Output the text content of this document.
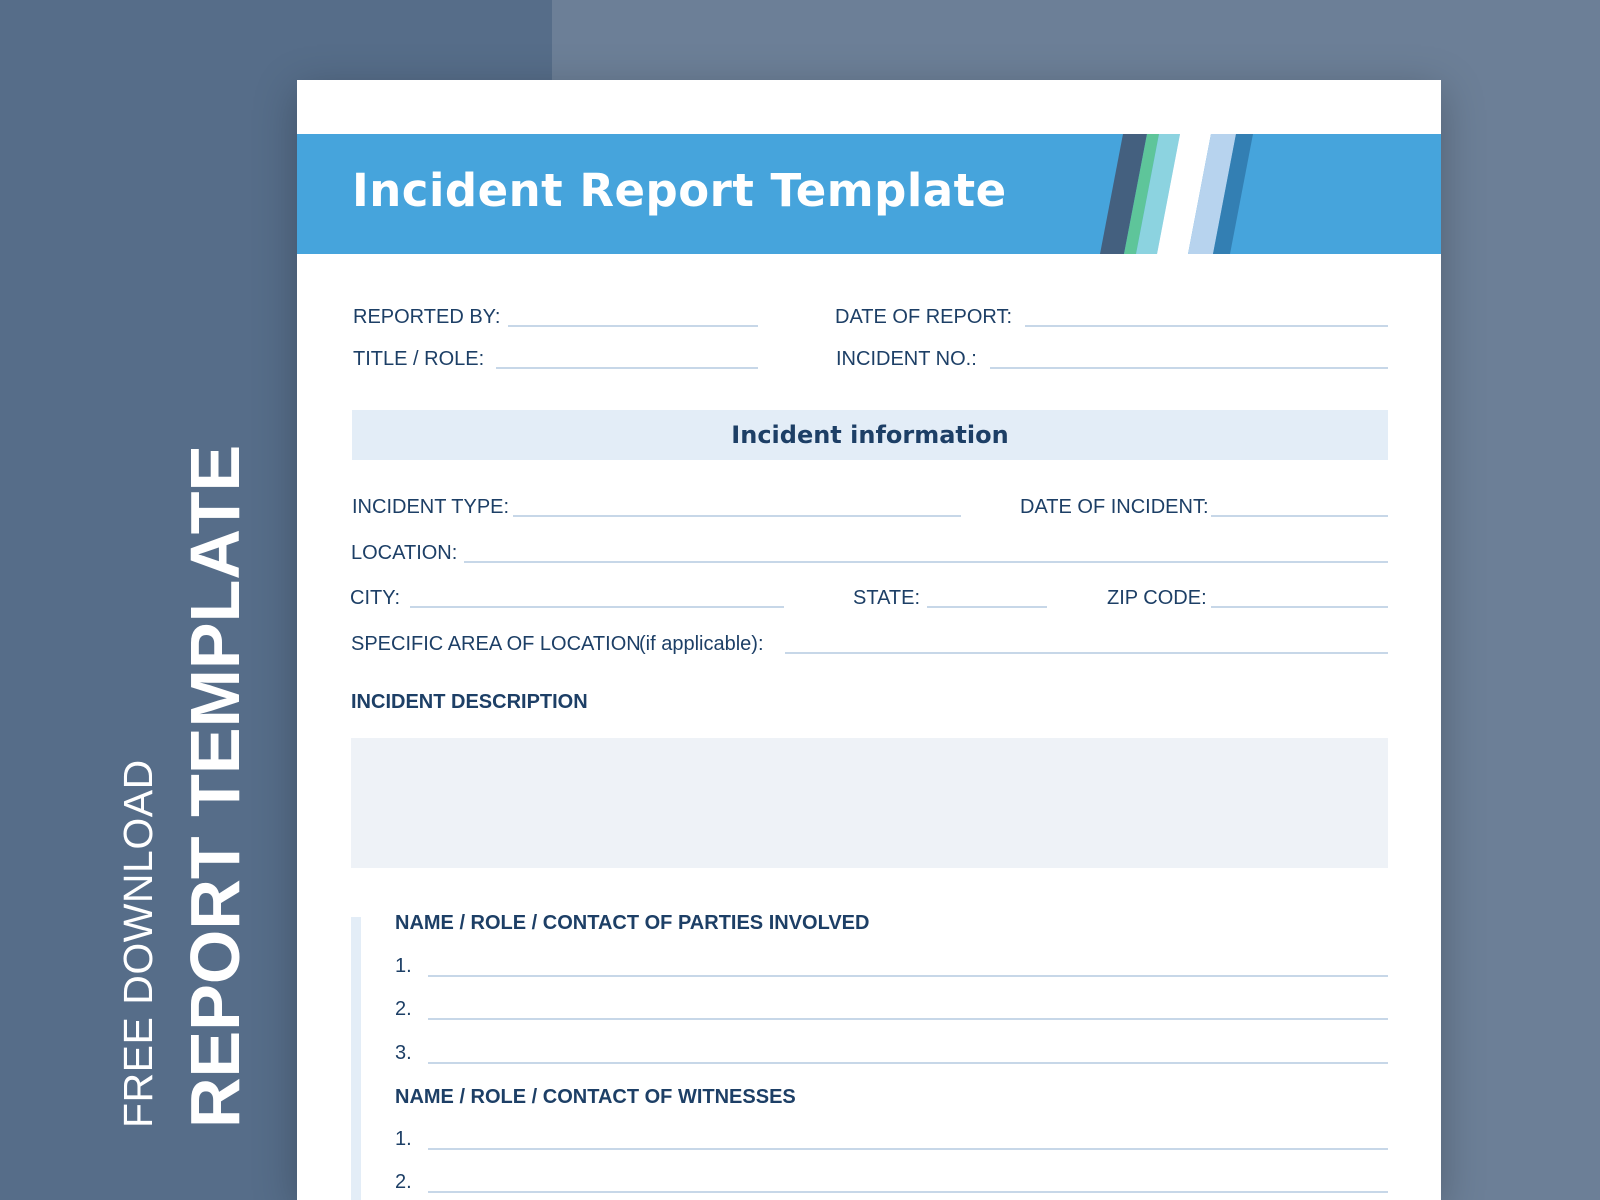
FREE DOWNLOAD REPORT TEMPLATE
Incident Report Template
REPORTED BY:	DATE OF REPORT:
TITLE / ROLE:	INCIDENT NO.:
Incident information
INCIDENT TYPE:	DATE OF INCIDENT:
LOCATION:
CITY:	STATE:	ZIP CODE:
SPECIFIC AREA OF LOCATION
(if applicable):
INCIDENT DESCRIPTION
NAME / ROLE / CONTACT OF PARTIES INVOLVED
1.
2.
3.
NAME / ROLE / CONTACT OF WITNESSES
1.
2.
